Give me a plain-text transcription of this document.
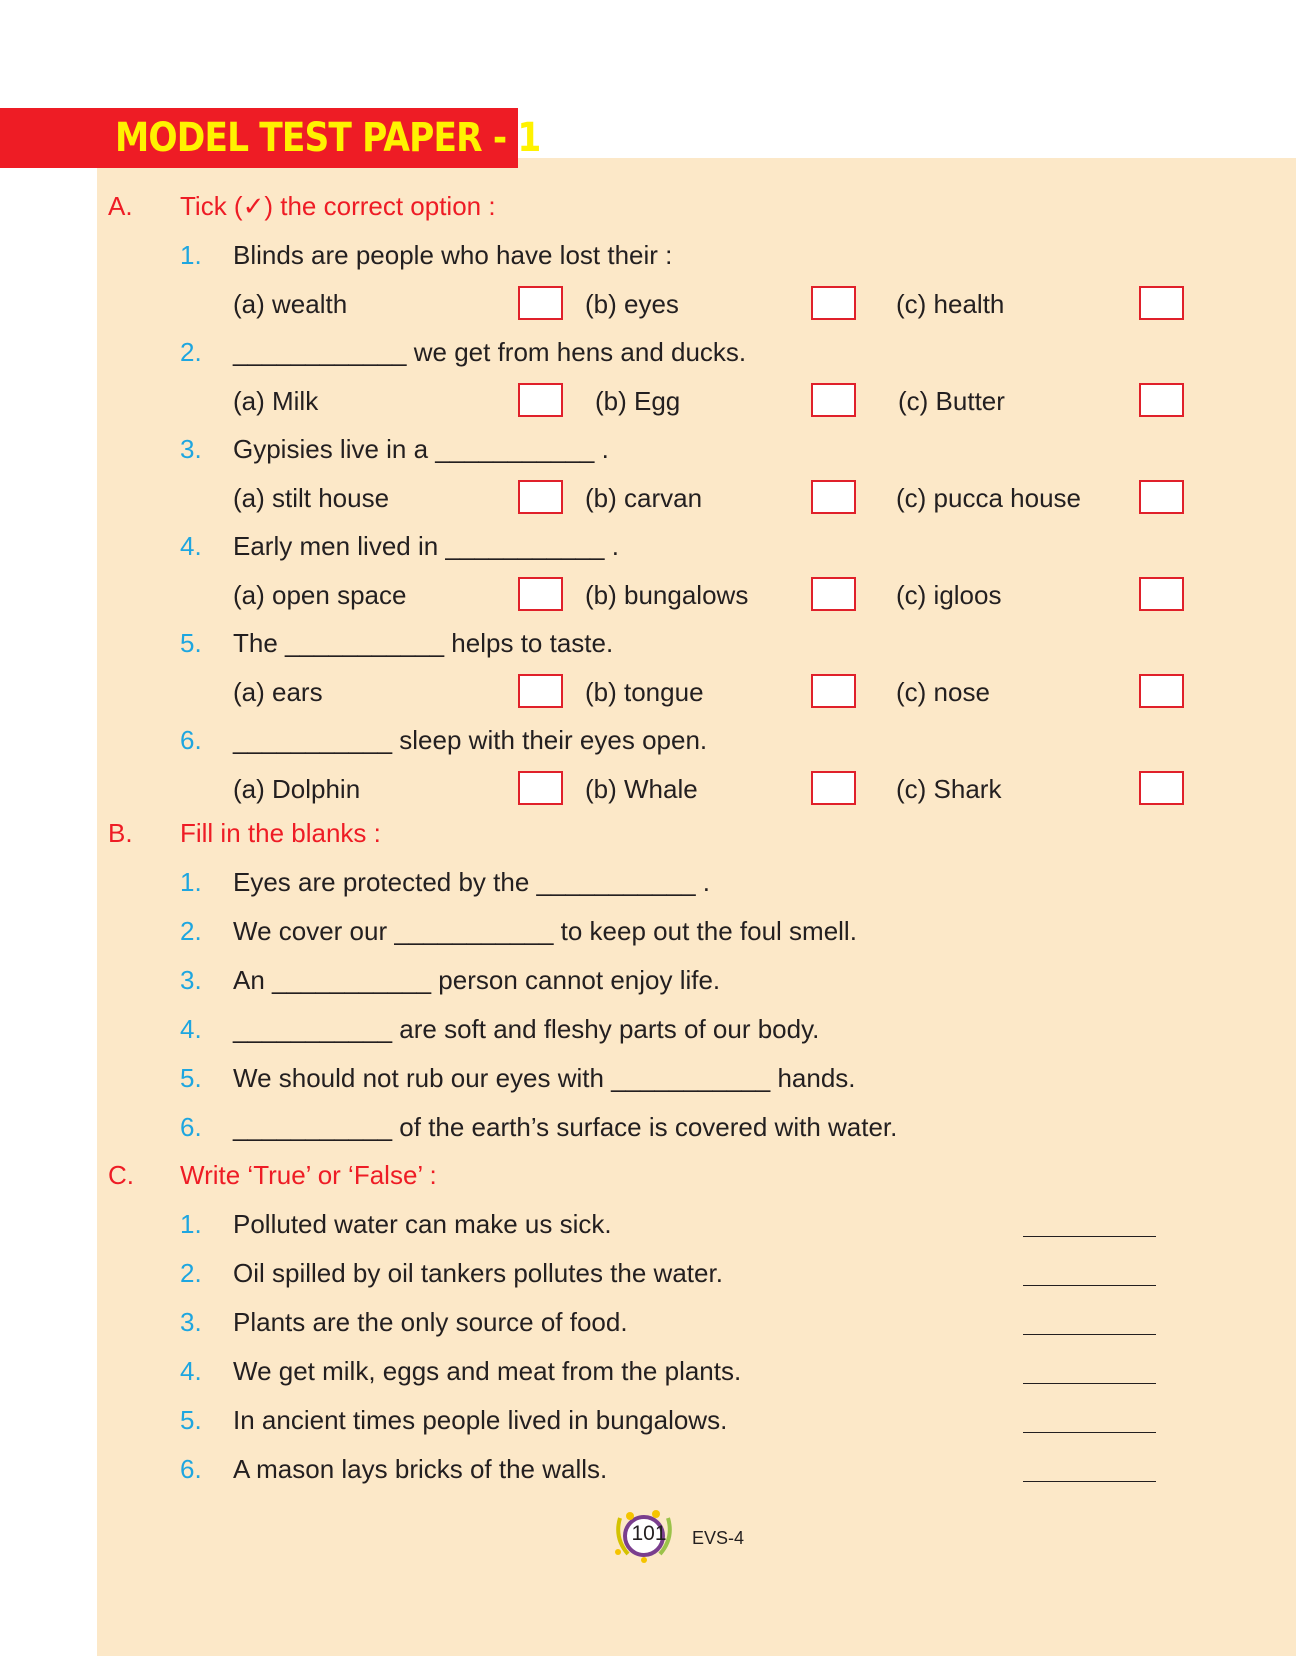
MODEL TEST PAPER - 1
A. Tick (✓) the correct option :
1. Blinds are people who have lost their :
(a) wealth	(b) eyes	(c) health
2. ____________ we get from hens and ducks.
(a) Milk	(b) Egg	(c) Butter
3. Gypisies live in a ___________ .
(a) stilt house	(b) carvan	(c) pucca house
4. Early men lived in ___________ .
(a) open space	(b) bungalows	(c) igloos
5. The ___________ helps to taste.
(a) ears	(b) tongue	(c) nose
6. ___________ sleep with their eyes open.
(a) Dolphin	(b) Whale	(c) Shark
B. Fill in the blanks :
1. Eyes are protected by the ___________ .
2. We cover our ___________ to keep out the foul smell.
3. An ___________ person cannot enjoy life.
4. ___________ are soft and fleshy parts of our body.
5. We should not rub our eyes with ___________ hands.
6. ___________ of the earth’s surface is covered with water.
C. Write ‘True’ or ‘False’ :
1. Polluted water can make us sick.
2. Oil spilled by oil tankers pollutes the water.
3. Plants are the only source of food.
4. We get milk, eggs and meat from the plants.
5. In ancient times people lived in bungalows.
6. A mason lays bricks of the walls.
101	EVS-4
